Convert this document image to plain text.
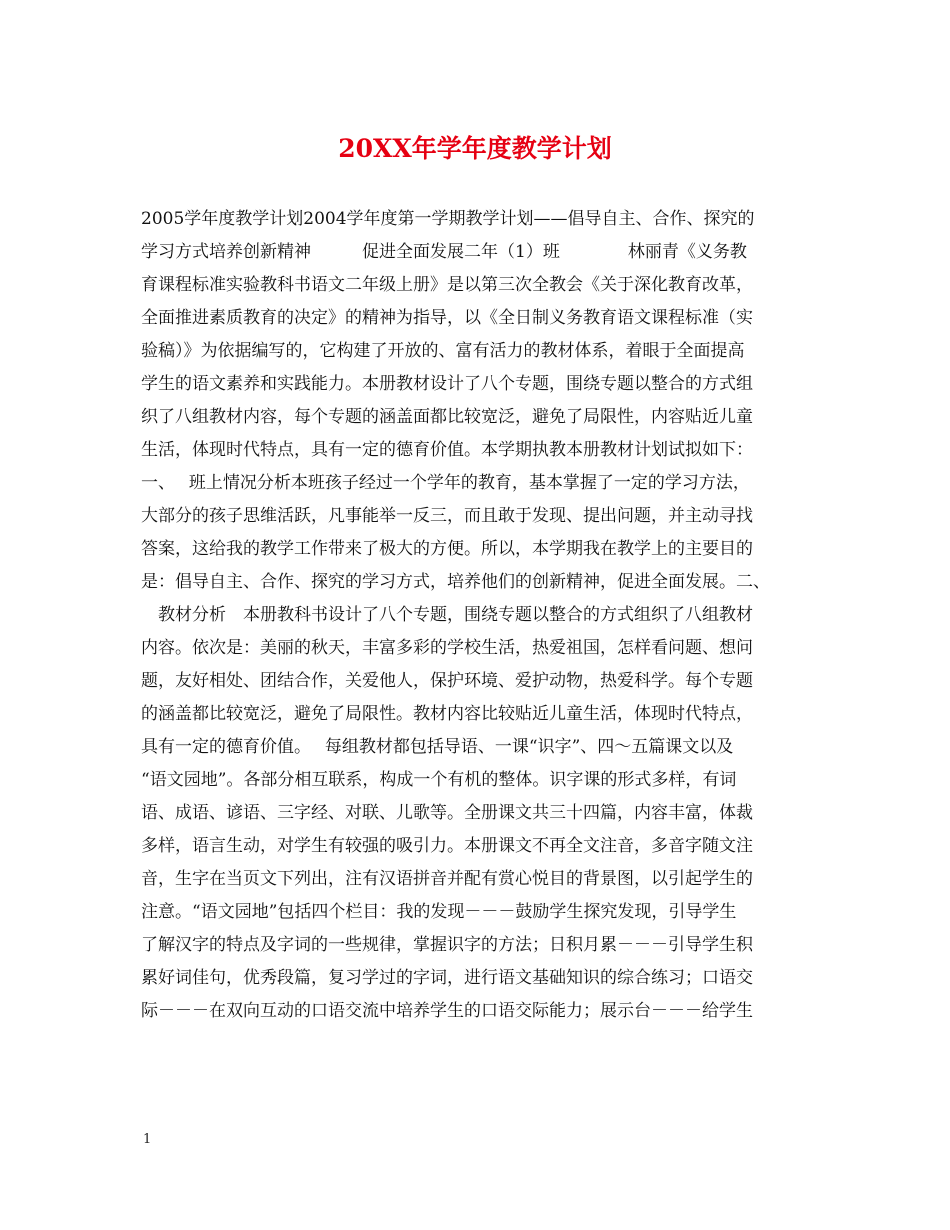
20XX年学年度教学计划
2005学年度教学计划2004学年度第一学期教学计划——倡导自主、合作、探究的
学习方式培养创新精神　　　促进全面发展二年（1）班　　　　林丽青《义务教
育课程标准实验教科书语文二年级上册》是以第三次全教会《关于深化教育改革，
全面推进素质教育的决定》的精神为指导，以《全日制义务教育语文课程标准（实
验稿）》为依据编写的，它构建了开放的、富有活力的教材体系，着眼于全面提高
学生的语文素养和实践能力。本册教材设计了八个专题，围绕专题以整合的方式组
织了八组教材内容，每个专题的涵盖面都比较宽泛，避免了局限性，内容贴近儿童
生活，体现时代特点，具有一定的德育价值。本学期执教本册教材计划试拟如下：
一、　 班上情况分析本班孩子经过一个学年的教育，基本掌握了一定的学习方法，
大部分的孩子思维活跃，凡事能举一反三，而且敢于发现、提出问题，并主动寻找
答案，这给我的教学工作带来了极大的方便。所以，本学期我在教学上的主要目的
是：倡导自主、合作、探究的学习方式，培养他们的创新精神，促进全面发展。二、
　教材分析　本册教科书设计了八个专题，围绕专题以整合的方式组织了八组教材
内容。依次是：美丽的秋天，丰富多彩的学校生活，热爱祖国，怎样看问题、想问
题，友好相处、团结合作，关爱他人，保护环境、爱护动物，热爱科学。每个专题
的涵盖都比较宽泛，避免了局限性。教材内容比较贴近儿童生活，体现时代特点，
具有一定的德育价值。　 每组教材都包括导语、一课“识字”、四～五篇课文以及
“语文园地”。各部分相互联系，构成一个有机的整体。识字课的形式多样，有词
语、成语、谚语、三字经、对联、儿歌等。全册课文共三十四篇，内容丰富，体裁
多样，语言生动，对学生有较强的吸引力。本册课文不再全文注音，多音字随文注
音，生字在当页文下列出，注有汉语拼音并配有赏心悦目的背景图，以引起学生的
注意。“语文园地”包括四个栏目：我的发现－－－鼓励学生探究发现，引导学生
了解汉字的特点及字词的一些规律，掌握识字的方法；日积月累－－－引导学生积
累好词佳句，优秀段篇，复习学过的字词，进行语文基础知识的综合练习；口语交
际－－－在双向互动的口语交流中培养学生的口语交际能力；展示台－－－给学生
1
